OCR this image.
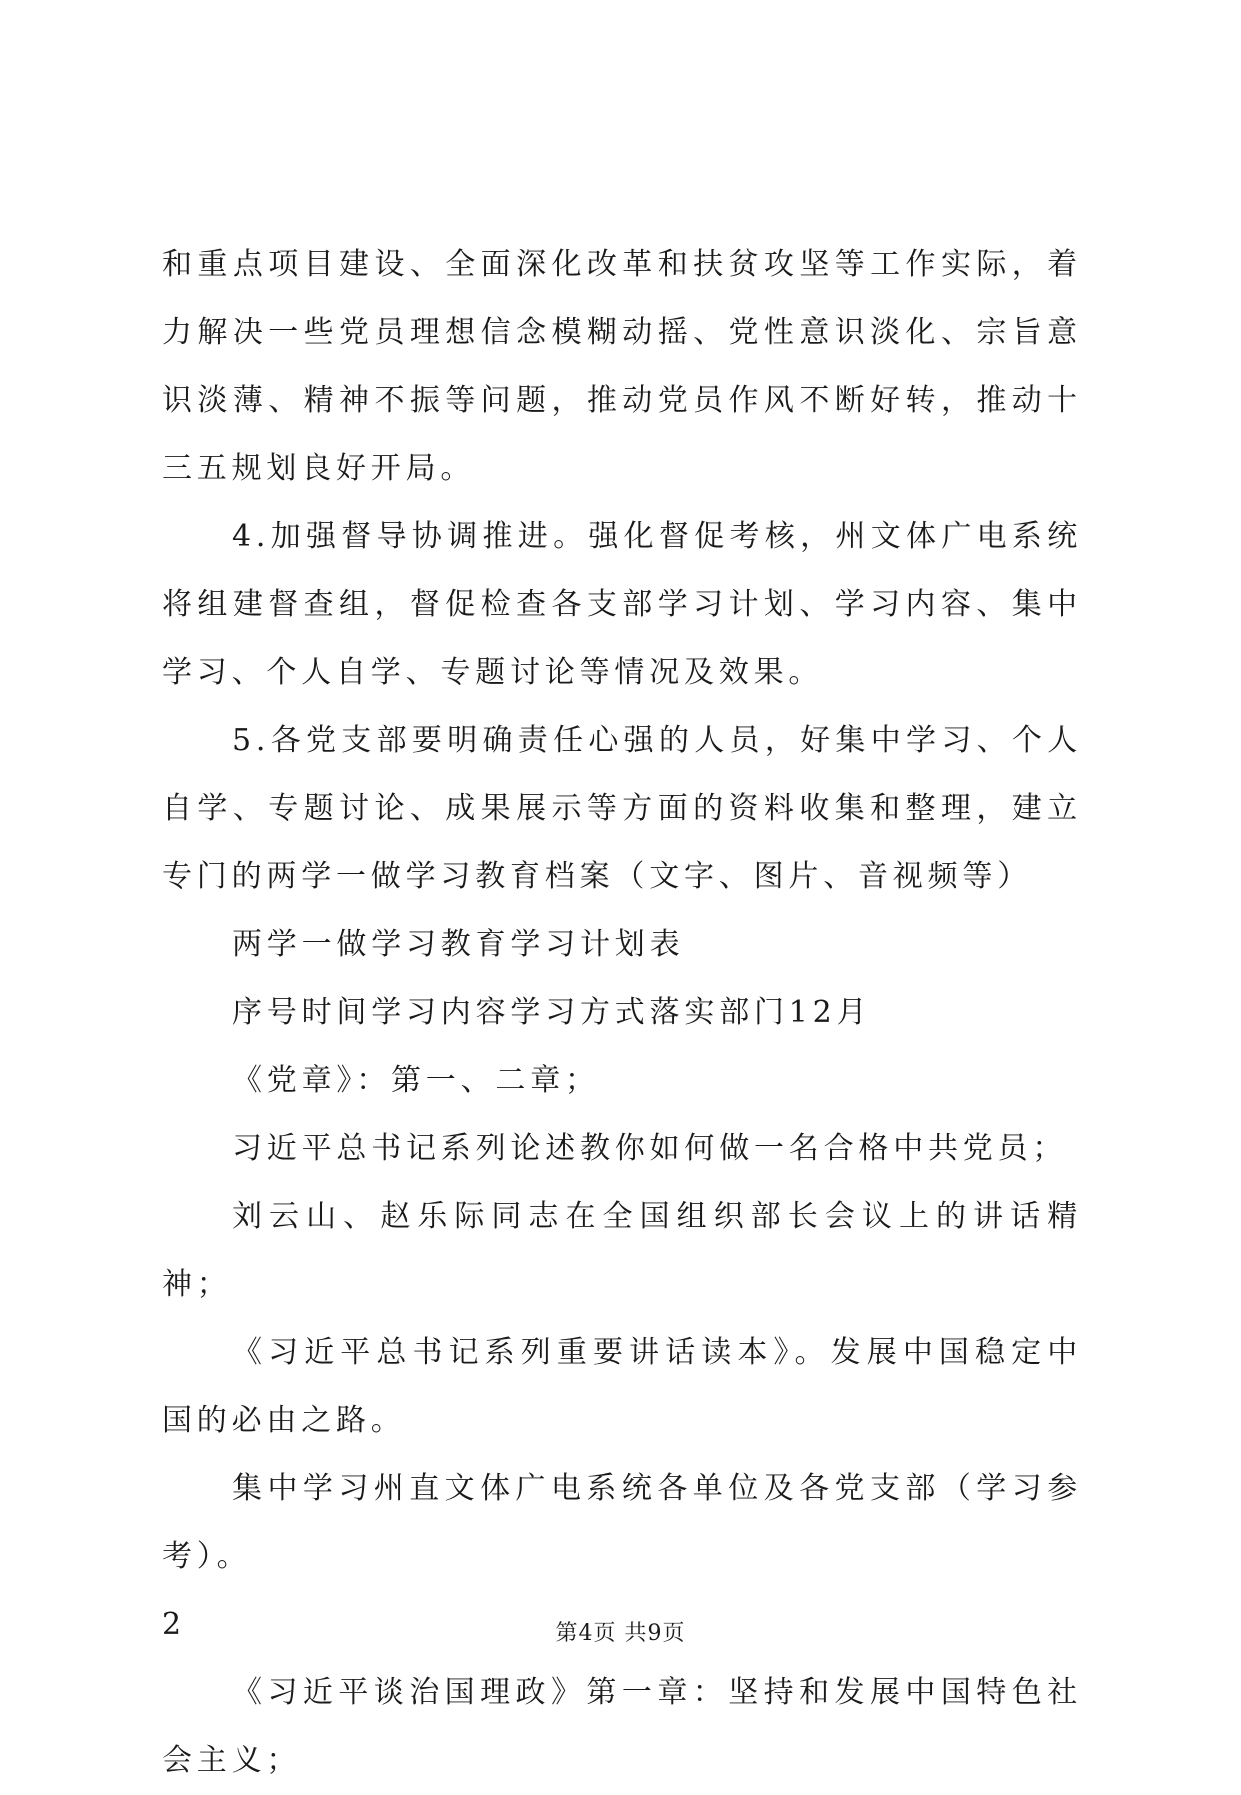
和重点项目建设、全面深化改革和扶贫攻坚等工作实际，着力解决一些党员理想信念模糊动摇、党性意识淡化、宗旨意识淡薄、精神不振等问题，推动党员作风不断好转，推动十三五规划良好开局。

4.加强督导协调推进。强化督促考核，州文体广电系统将组建督查组，督促检查各支部学习计划、学习内容、集中学习、个人自学、专题讨论等情况及效果。

5.各党支部要明确责任心强的人员，好集中学习、个人自学、专题讨论、成果展示等方面的资料收集和整理，建立专门的两学一做学习教育档案（文字、图片、音视频等）

两学一做学习教育学习计划表

序号时间学习内容学习方式落实部门12月

《党章》：第一、二章；

习近平总书记系列论述教你如何做一名合格中共党员；

刘云山、赵乐际同志在全国组织部长会议上的讲话精神；

《习近平总书记系列重要讲话读本》。发展中国稳定中国的必由之路。

集中学习州直文体广电系统各单位及各党支部（学习参考）。

2

《习近平谈治国理政》第一章：坚持和发展中国特色社会主义；

第4页 共9页
